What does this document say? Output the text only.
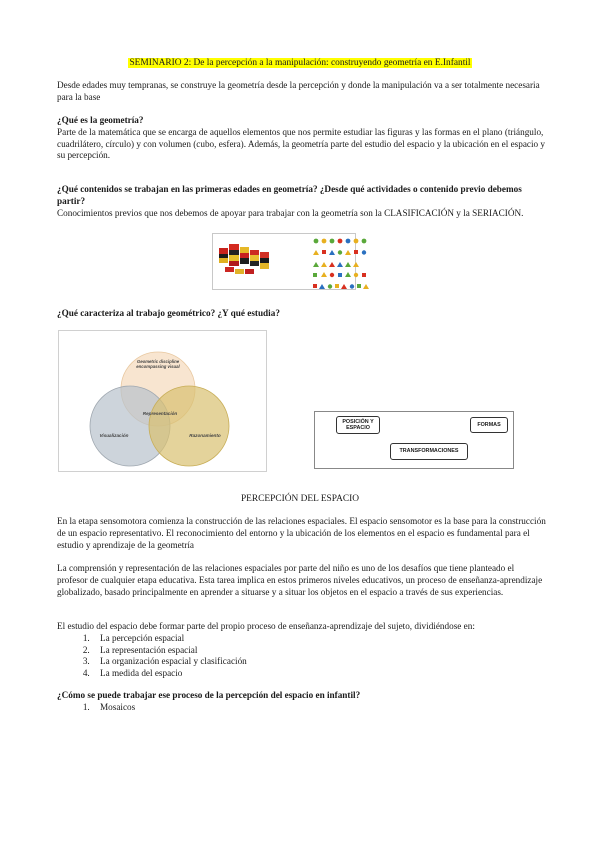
SEMINARIO 2: De la percepción a la manipulación: construyendo geometría en E.Infantil

Desde edades muy tempranas, se construye la geometría desde la percepción y donde la manipulación va a ser totalmente necesaria para la base

¿Qué es la geometría?

Parte de la matemática que se encarga de aquellos elementos que nos permite estudiar las figuras y las formas en el plano (triángulo, cuadrilátero, círculo) y con volumen (cubo, esfera). Además, la geometría parte del estudio del espacio y la ubicación en el espacio y su percepción.

¿Qué contenidos se trabajan en las primeras edades en geometría? ¿Desde qué actividades o contenido previo debemos partir?

Conocimientos previos que nos debemos de apoyar para trabajar con la geometría son la CLASIFICACIÓN y la SERIACIÓN.

¿Qué caracteriza al trabajo geométrico? ¿Y qué estudia?

Geometric discipline encompassing visual
Representación
Visualización	Razonamiento
POSICIÓN Y ESPACIO
FORMAS
TRANSFORMACIONES
PERCEPCIÓN DEL ESPACIO

En la etapa sensomotora comienza la construcción de las relaciones espaciales. El espacio sensomotor es la base para la construcción de un espacio representativo. El reconocimiento del entorno y la ubicación de los elementos en el espacio es fundamental para el estudio y aprendizaje de la geometría

La comprensión y representación de las relaciones espaciales por parte del niño es uno de los desafíos que tiene planteado el profesor de cualquier etapa educativa. Esta tarea implica en estos primeros niveles educativos, un proceso de enseñanza-aprendizaje globalizado, basado principalmente en aprender a situarse y a situar los objetos en el espacio a través de sus experiencias.

El estudio del espacio debe formar parte del propio proceso de enseñanza-aprendizaje del sujeto, dividiéndose en:

1. La percepción espacial
2. La representación espacial
3. La organización espacial y clasificación
4. La medida del espacio

¿Cómo se puede trabajar ese proceso de la percepción del espacio en infantil?

1. Mosaicos
